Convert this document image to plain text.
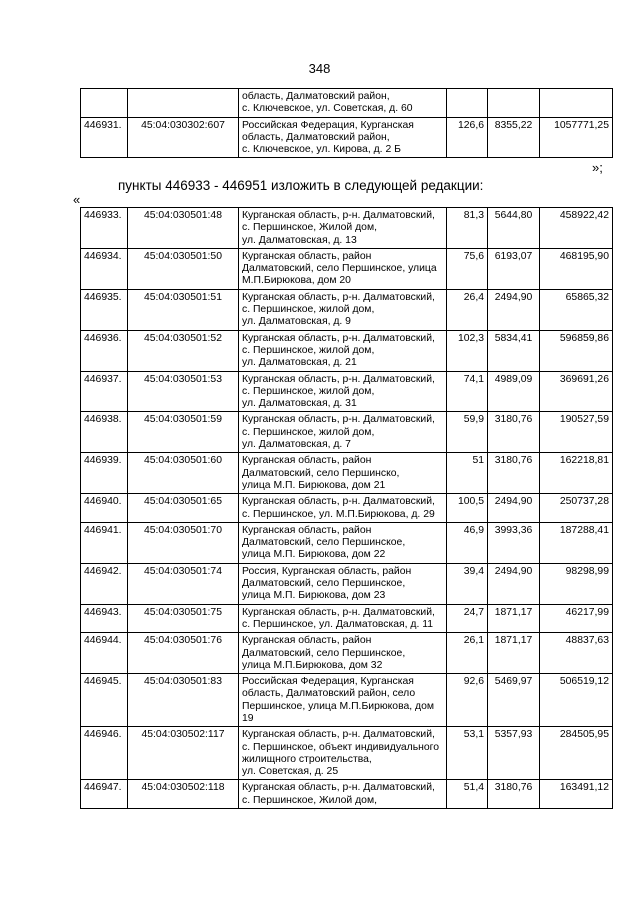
348

		область, Далматовский район,
с. Ключевское, ул. Советская, д. 60			

446931.	45:04:030302:607	Российская Федерация, Курганская
область, Далматовский район,
с. Ключевское, ул. Кирова, д. 2 Б	126,6	8355,22	1057771,25
»;
пункты 446933 - 446951 изложить в следующей редакции:
«
446933.	45:04:030501:48	Курганская область, р-н. Далматовский,
с. Першинское, Жилой дом,
ул. Далматовская, д. 13	81,3	5644,80	458922,42
446934.	45:04:030501:50	Курганская область, район
Далматовский, село Першинское, улица
М.П.Бирюкова, дом 20	75,6	6193,07	468195,90
446935.	45:04:030501:51	Курганская область, р-н. Далматовский,
с. Першинское, жилой дом,
ул. Далматовская, д. 9	26,4	2494,90	65865,32
446936.	45:04:030501:52	Курганская область, р-н. Далматовский,
с. Першинское, жилой дом,
ул. Далматовская, д. 21	102,3	5834,41	596859,86
446937.	45:04:030501:53	Курганская область, р-н. Далматовский,
с. Першинское, жилой дом,
ул. Далматовская, д. 31	74,1	4989,09	369691,26
446938.	45:04:030501:59	Курганская область, р-н. Далматовский,
с. Першинское, жилой дом,
ул. Далматовская, д. 7	59,9	3180,76	190527,59
446939.	45:04:030501:60	Курганская область, район
Далматовский, село Першинско,
улица М.П. Бирюкова, дом 21	51	3180,76	162218,81
446940.	45:04:030501:65	Курганская область, р-н. Далматовский,
с. Першинское, ул. М.П.Бирюкова, д. 29	100,5	2494,90	250737,28
446941.	45:04:030501:70	Курганская область, район
Далматовский, село Першинское,
улица М.П. Бирюкова, дом 22	46,9	3993,36	187288,41
446942.	45:04:030501:74	Россия, Курганская область, район
Далматовский, село Першинское,
улица М.П. Бирюкова, дом 23	39,4	2494,90	98298,99
446943.	45:04:030501:75	Курганская область, р-н. Далматовский,
с. Першинское, ул. Далматовская, д. 11	24,7	1871,17	46217,99
446944.	45:04:030501:76	Курганская область, район
Далматовский, село Першинское,
улица М.П.Бирюкова, дом 32	26,1	1871,17	48837,63
446945.	45:04:030501:83	Российская Федерация, Курганская
область, Далматовский район, село
Першинское, улица М.П.Бирюкова, дом
19	92,6	5469,97	506519,12
446946.	45:04:030502:117	Курганская область, р-н. Далматовский,
с. Першинское, объект индивидуального
жилищного строительства,
ул. Советская, д. 25	53,1	5357,93	284505,95
446947.	45:04:030502:118	Курганская область, р-н. Далматовский,
с. Першинское, Жилой дом,	51,4	3180,76	163491,12
